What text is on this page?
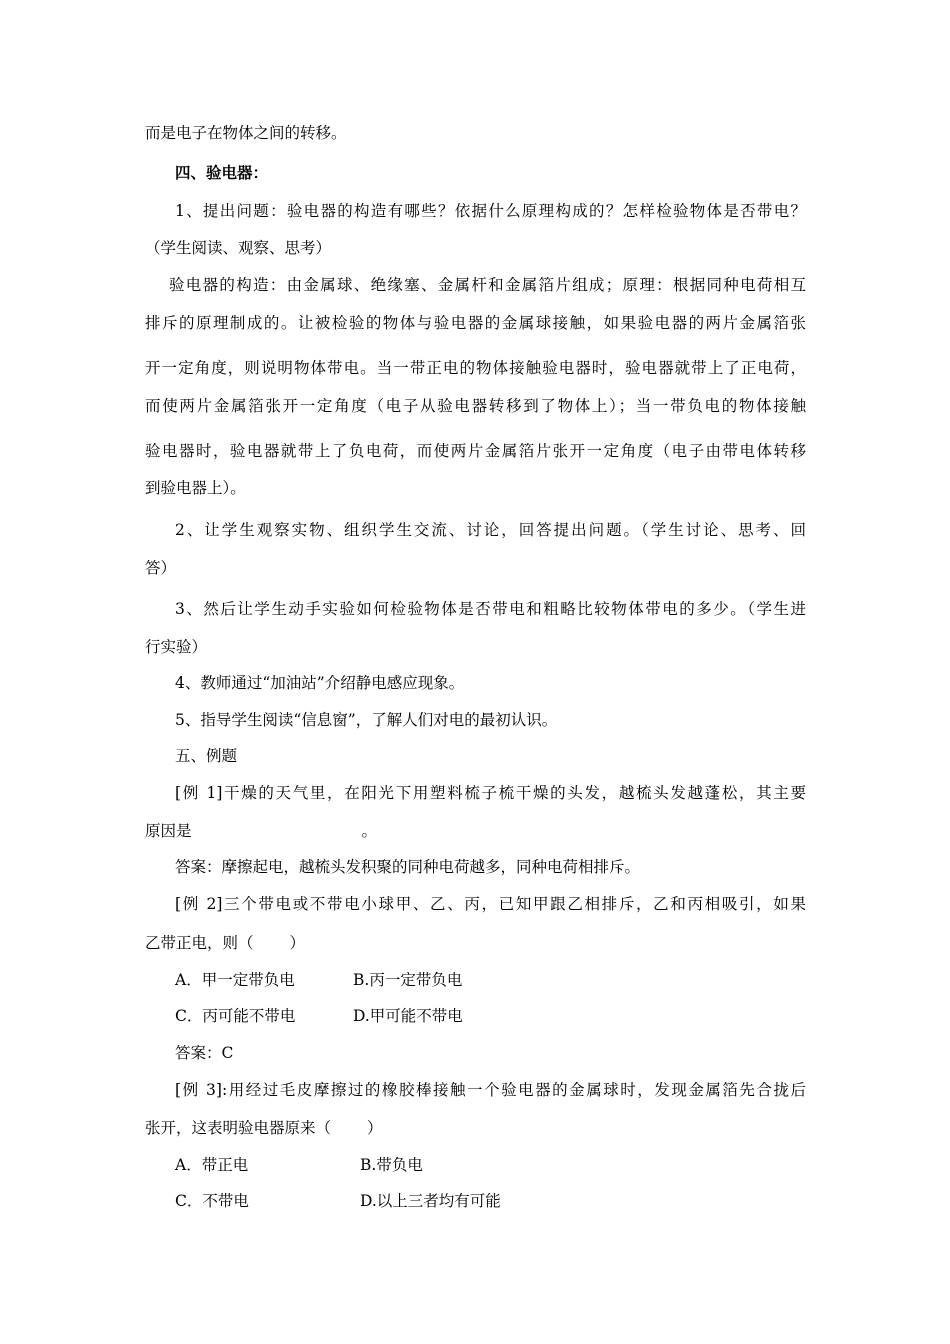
而是电子在物体之间的转移。
四、验电器：
1、提出问题：验电器的构造有哪些？依据什么原理构成的？怎样检验物体是否带电？
（学生阅读、观察、思考）
验电器的构造：由金属球、绝缘塞、金属杆和金属箔片组成；原理：根据同种电荷相互
排斥的原理制成的。让被检验的物体与验电器的金属球接触，如果验电器的两片金属箔张
开一定角度，则说明物体带电。当一带正电的物体接触验电器时，验电器就带上了正电荷，
而使两片金属箔张开一定角度（电子从验电器转移到了物体上）；当一带负电的物体接触
验电器时，验电器就带上了负电荷，而使两片金属箔片张开一定角度（电子由带电体转移
到验电器上）。
2、让学生观察实物、组织学生交流、讨论，回答提出问题。（学生讨论、思考、回
答）
3、然后让学生动手实验如何检验物体是否带电和粗略比较物体带电的多少。（学生进
行实验）
4、教师通过“加油站”介绍静电感应现象。
5、指导学生阅读“信息窗”，了解人们对电的最初认识。
五、例题
[例 1]干燥的天气里，在阳光下用塑料梳子梳干燥的头发，越梳头发越蓬松，其主要
原因是	。
答案：摩擦起电，越梳头发积聚的同种电荷越多，同种电荷相排斥。
[例 2]三个带电或不带电小球甲、乙、丙，已知甲跟乙相排斥，乙和丙相吸引，如果
乙带正电，则（ ）
A．甲一定带负电	B.丙一定带负电
C．丙可能不带电	D.甲可能不带电
答案：C
[例 3]:用经过毛皮摩擦过的橡胶棒接触一个验电器的金属球时，发现金属箔先合拢后
张开，这表明验电器原来（ ）
A．带正电	B.带负电
C．不带电	D.以上三者均有可能
